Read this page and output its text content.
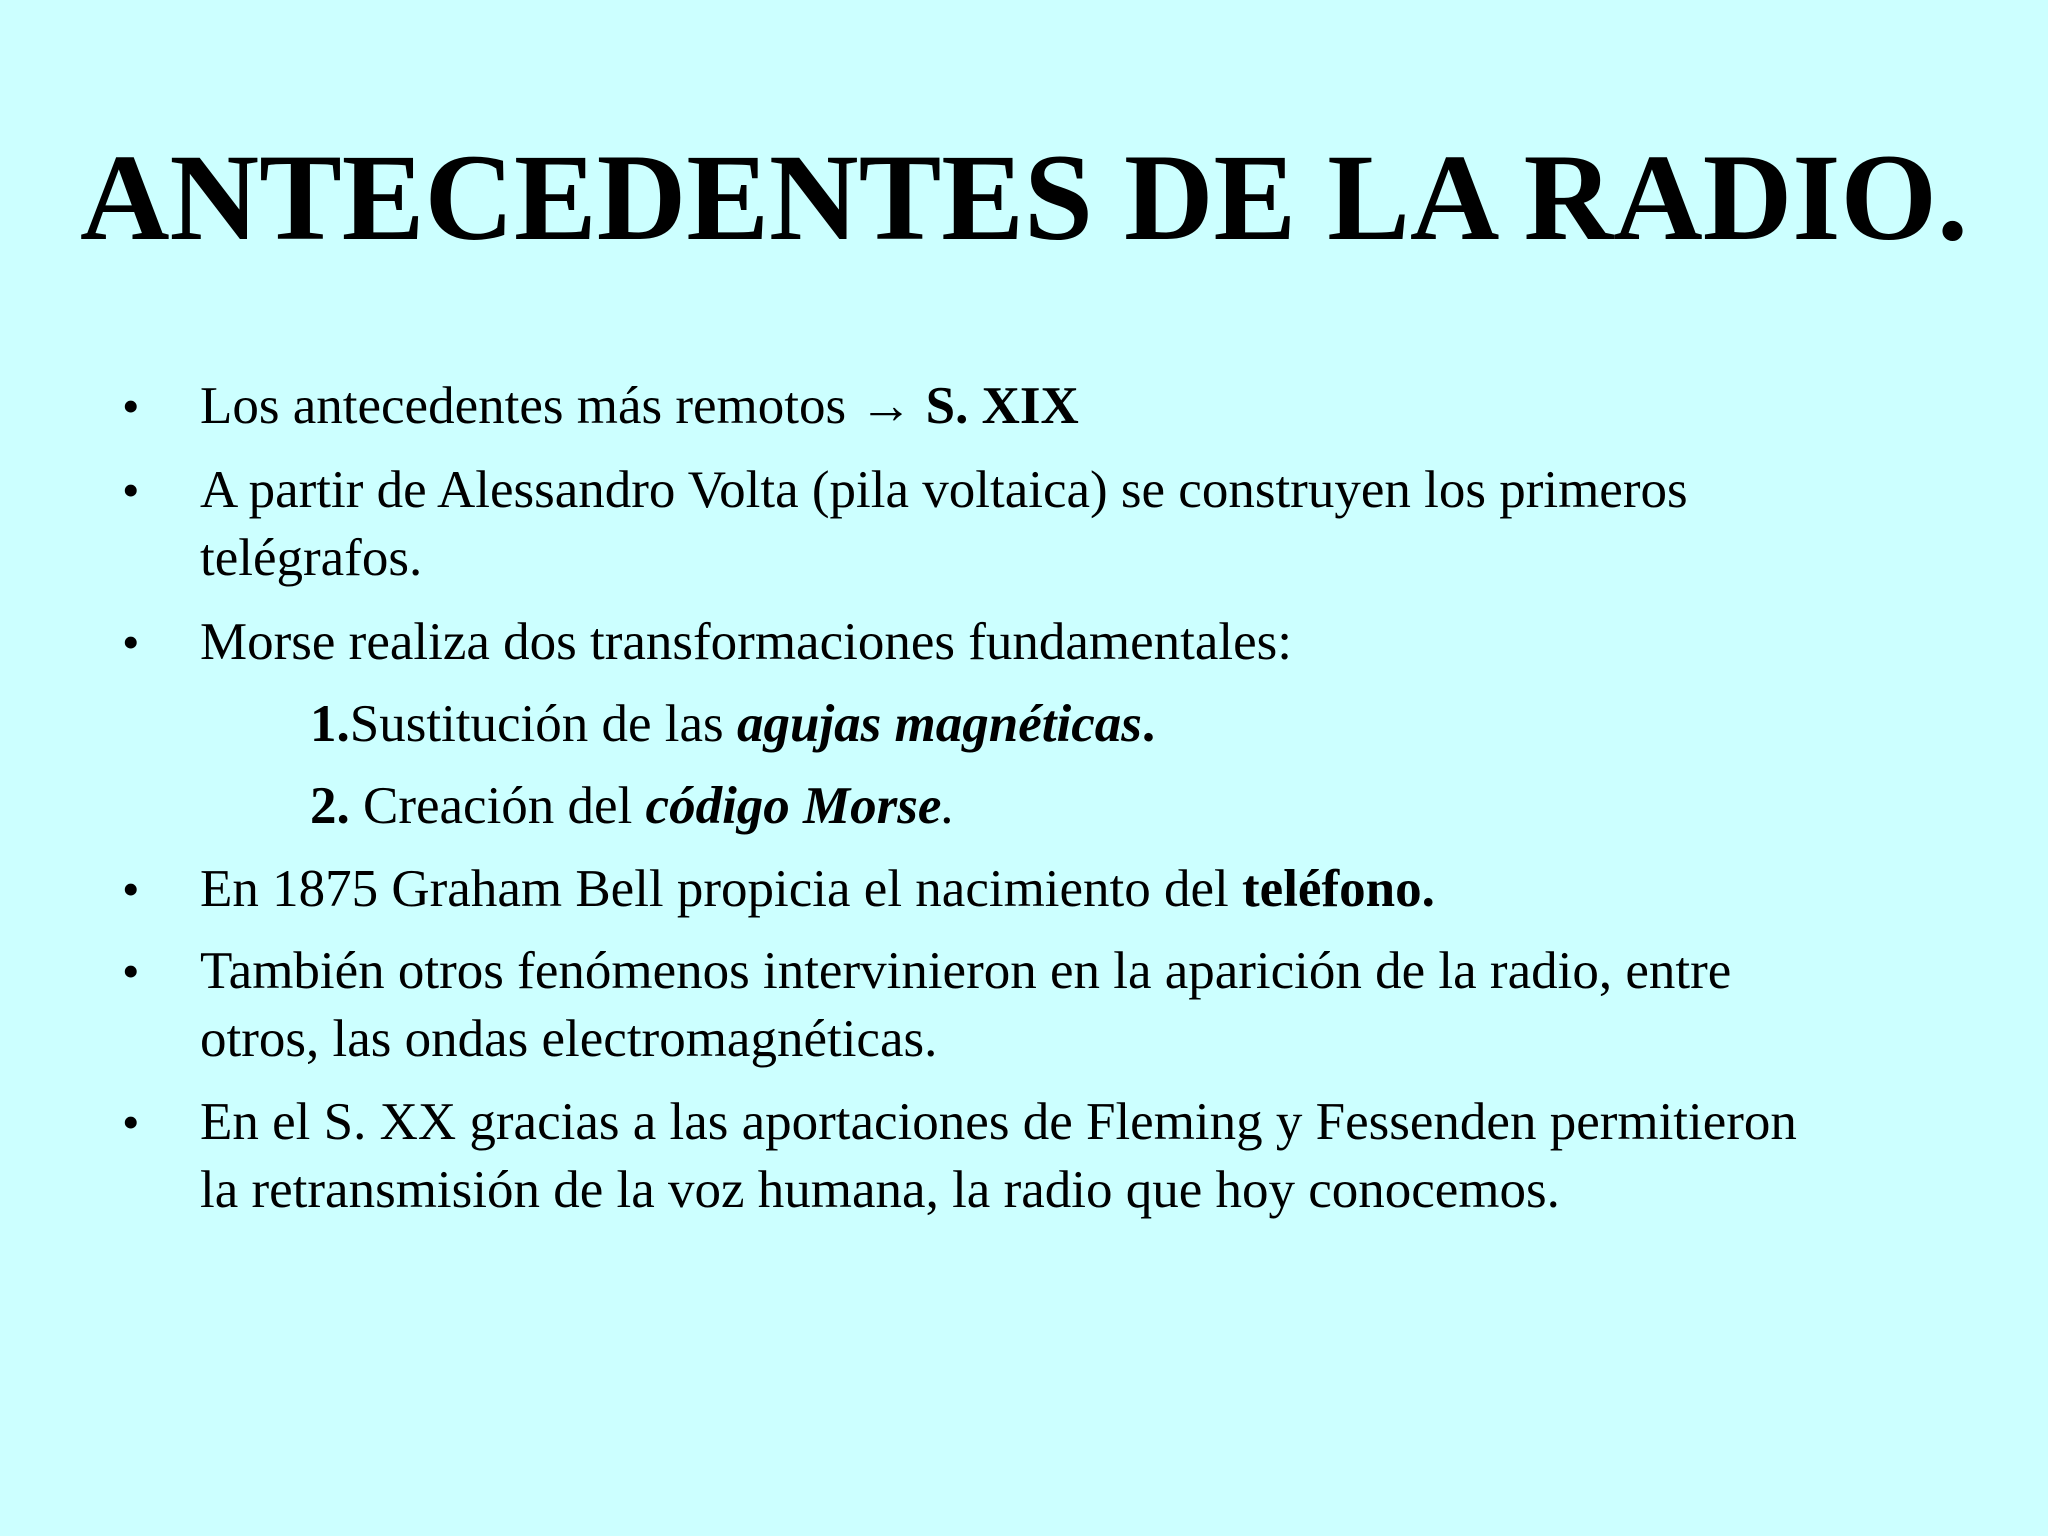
ANTECEDENTES DE LA RADIO.
• Los antecedentes más remotos → S. XIX
• A partir de Alessandro Volta (pila voltaica) se construyen los primeros
telégrafos.
• Morse realiza dos transformaciones fundamentales:
1.Sustitución de las agujas magnéticas.
2. Creación del código Morse.
• En 1875 Graham Bell propicia el nacimiento del teléfono.
• También otros fenómenos intervinieron en la aparición de la radio, entre
otros, las ondas electromagnéticas.
• En el S. XX gracias a las aportaciones de Fleming y Fessenden permitieron
la retransmisión de la voz humana, la radio que hoy conocemos.
